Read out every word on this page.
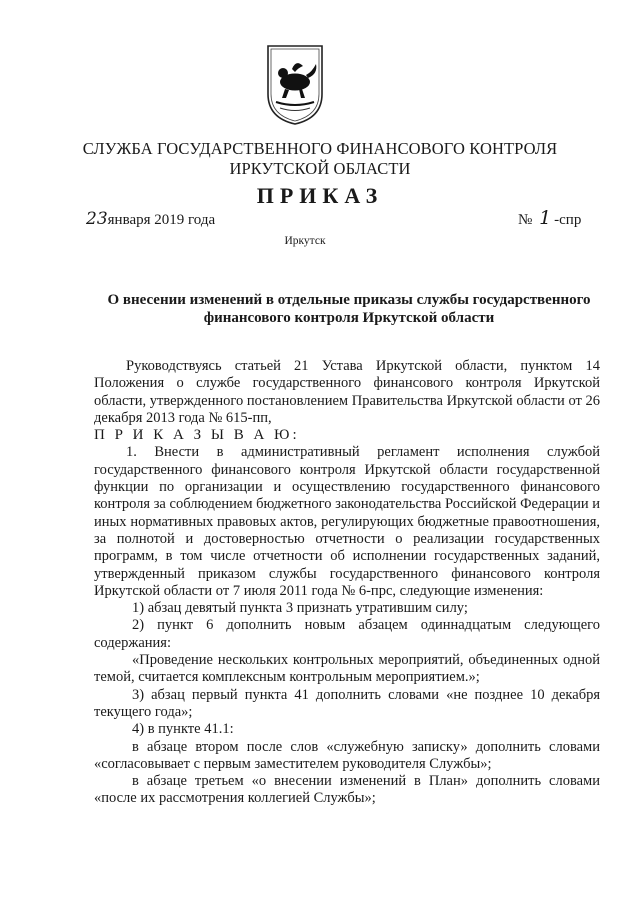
СЛУЖБА ГОСУДАРСТВЕННОГО ФИНАНСОВОГО КОНТРОЛЯ
ИРКУТСКОЙ ОБЛАСТИ
ПРИКАЗ
23января 2019 года	№ 1 -спр
Иркутск
О внесении изменений в отдельные приказы службы государственного финансового контроля Иркутской области

Руководствуясь статьей 21 Устава Иркутской области, пунктом 14 Положения о службе государственного финансового контроля Иркутской области, утвержденного постановлением Правительства Иркутской области от 26 декабря 2013 года № 615-пп,

П Р И К А З Ы В А Ю:

1. Внести в административный регламент исполнения службой государственного финансового контроля Иркутской области государственной функции по организации и осуществлению государственного финансового контроля за соблюдением бюджетного законодательства Российской Федерации и иных нормативных правовых актов, регулирующих бюджетные правоотношения, за полнотой и достоверностью отчетности о реализации государственных программ, в том числе отчетности об исполнении государственных заданий, утвержденный приказом службы государственного финансового контроля Иркутской области от 7 июля 2011 года № 6-прс, следующие изменения:

1) абзац девятый пункта 3 признать утратившим силу;

2) пункт 6 дополнить новым абзацем одиннадцатым следующего содержания:

«Проведение нескольких контрольных мероприятий, объединенных одной темой, считается комплексным контрольным мероприятием.»;

3) абзац первый пункта 41 дополнить словами «не позднее 10 декабря текущего года»;

4) в пункте 41.1:

в абзаце втором после слов «служебную записку» дополнить словами «согласовывает с первым заместителем руководителя Службы»;

в абзаце третьем «о внесении изменений в План» дополнить словами «после их рассмотрения коллегией Службы»;
